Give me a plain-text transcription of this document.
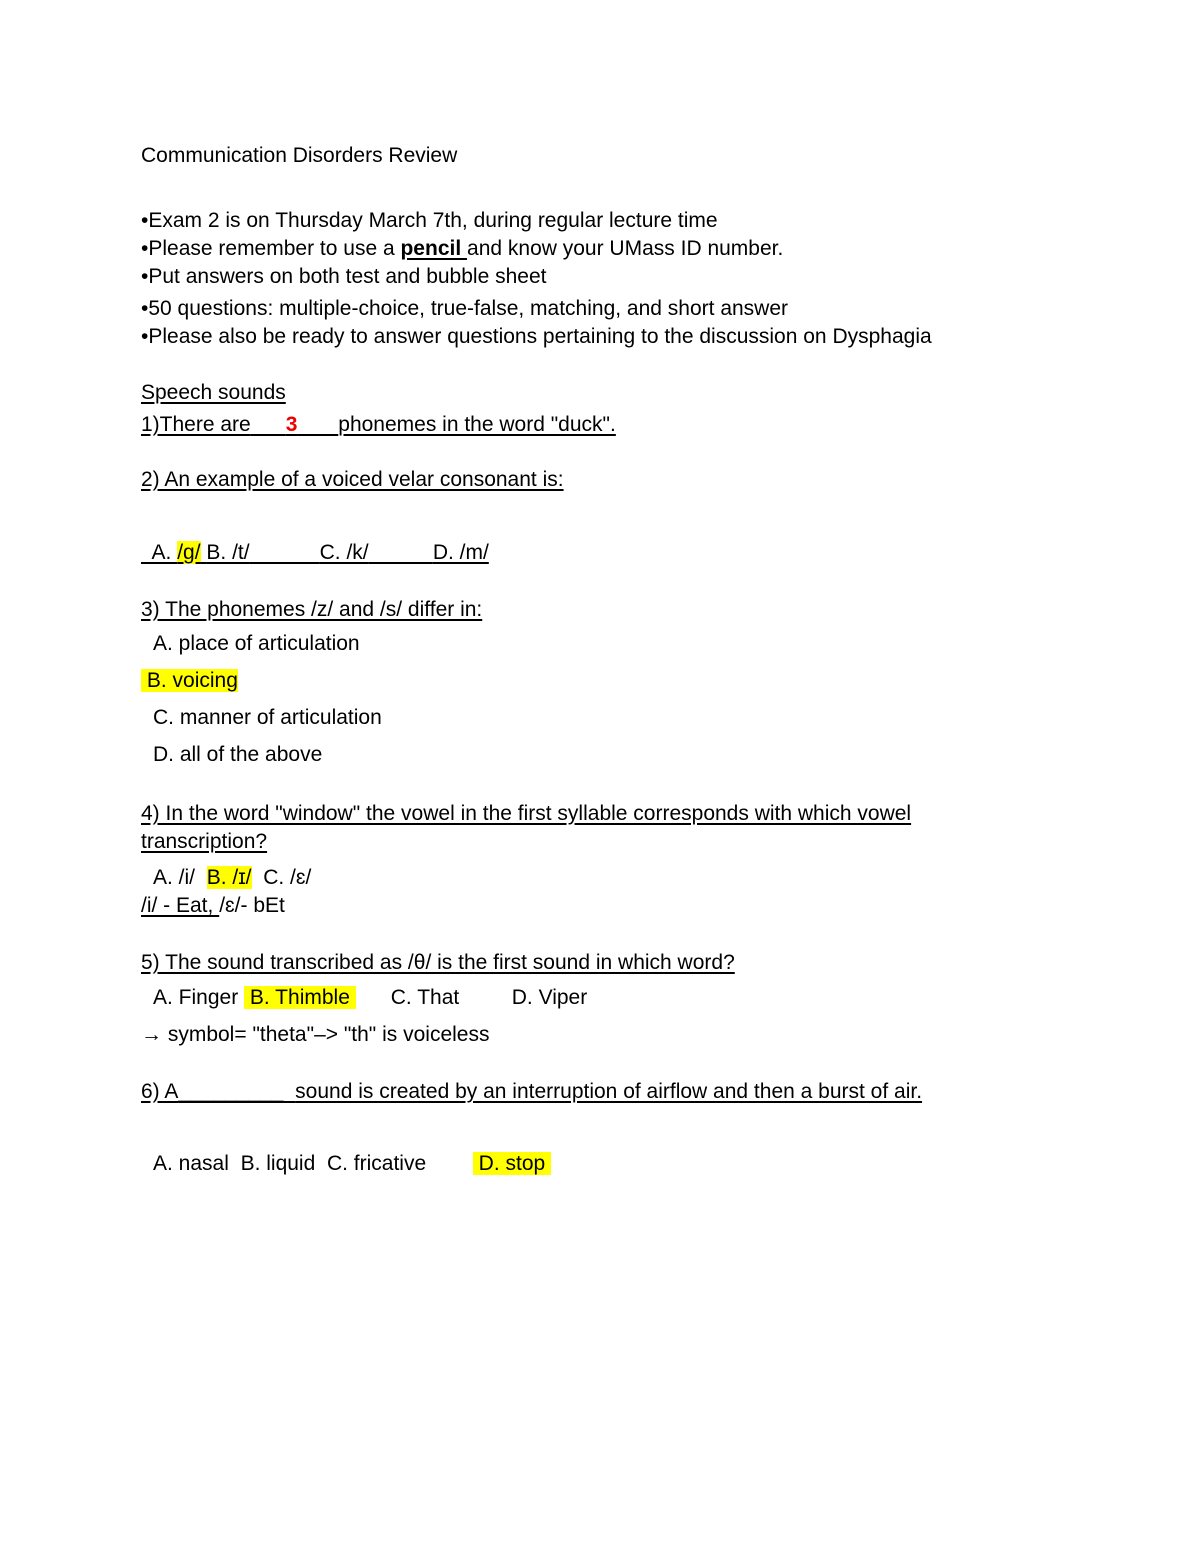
Communication Disorders Review
•Exam 2 is on Thursday March 7th, during regular lecture time
•Please remember to use a pencil and know your UMass ID number.
•Put answers on both test and bubble sheet
•50 questions: multiple-choice, true-false, matching, and short answer
•Please also be ready to answer questions pertaining to the discussion on Dysphagia
Speech sounds
1)There are 3 phonemes in the word "duck".
2) An example of a voiced velar consonant is:
A. /g/ B. /t/	C. /k/	D. /m/
3) The phonemes /z/ and /s/ differ in:
A. place of articulation
B. voicing
C. manner of articulation
D. all of the above
4) In the word "window" the vowel in the first syllable corresponds with which vowel
transcription?
A. /i/ B. /ɪ/ C. /ɛ/
/i/ - Eat, /ɛ/- bEt
5) The sound transcribed as /θ/ is the first sound in which word?
A. Finger B. Thimble C. That	D. Viper
→ symbol= "theta"–> "th" is voiceless
6) A_________ sound is created by an interruption of airflow and then a burst of air.
A. nasal B. liquid C. fricative	D. stop
